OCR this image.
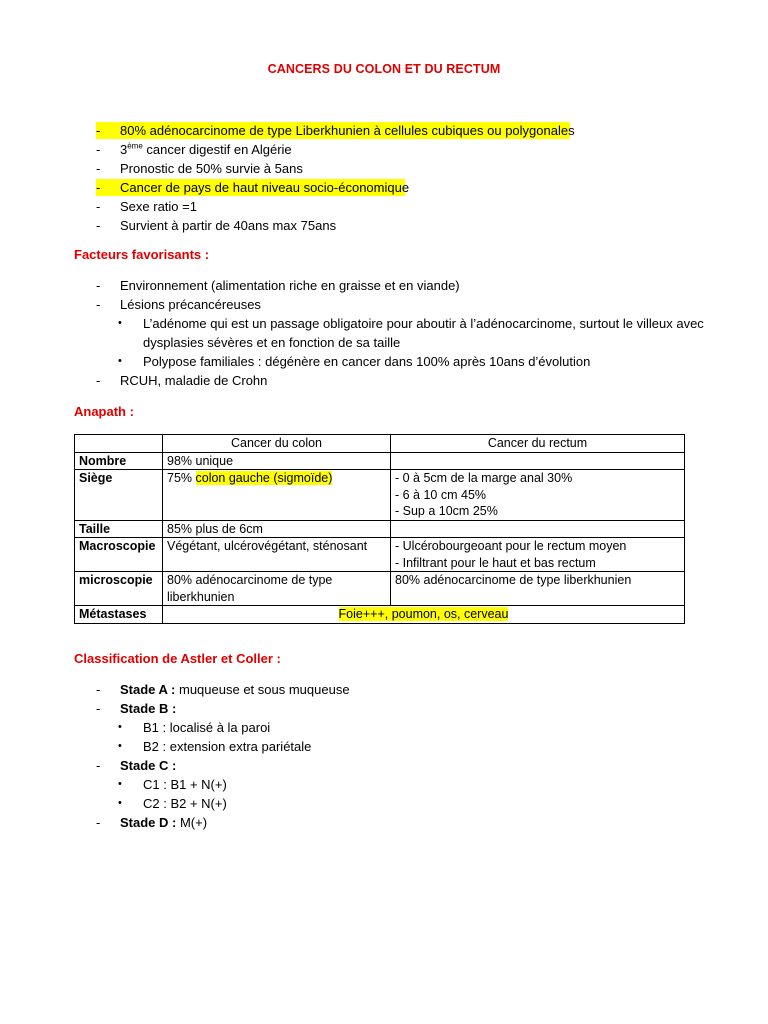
CANCERS DU COLON ET DU RECTUM
- 80% adénocarcinome de type Liberkhunien à cellules cubiques ou polygonales
- 3ème cancer digestif en Algérie
- Pronostic de 50% survie à 5ans
- Cancer de pays de haut niveau socio-économique
- Sexe ratio =1
- Survient à partir de 40ans max 75ans
Facteurs favorisants :
- Environnement (alimentation riche en graisse et en viande)
- Lésions précancéreuses
• L’adénome qui est un passage obligatoire pour aboutir à l’adénocarcinome, surtout le villeux avec dysplasies sévères et en fonction de sa taille
• Polypose familiales : dégénère en cancer dans 100% après 10ans d’évolution
- RCUH, maladie de Crohn
Anapath :
	Cancer du colon	Cancer du rectum
Nombre	98% unique	
Siège	75% colon gauche (sigmoïde)	- 0 à 5cm de la marge anal 30%
- 6 à 10 cm 45%
- Sup a 10cm 25%

Taille	85% plus de 6cm	
Macroscopie	Végétant, ulcérovégétant, sténosant	- Ulcérobourgeoant pour le rectum moyen
- Infiltrant pour le haut et bas rectum

microscopie	80% adénocarcinome de type liberkhunien	80% adénocarcinome de type liberkhunien
Métastases	Foie+++, poumon, os, cerveau	
Classification de Astler et Coller :
- Stade A : muqueuse et sous muqueuse
- Stade B :
• B1 : localisé à la paroi
• B2 : extension extra pariétale
- Stade C :
• C1 : B1 + N(+)
• C2 : B2 + N(+)
- Stade D : M(+)
